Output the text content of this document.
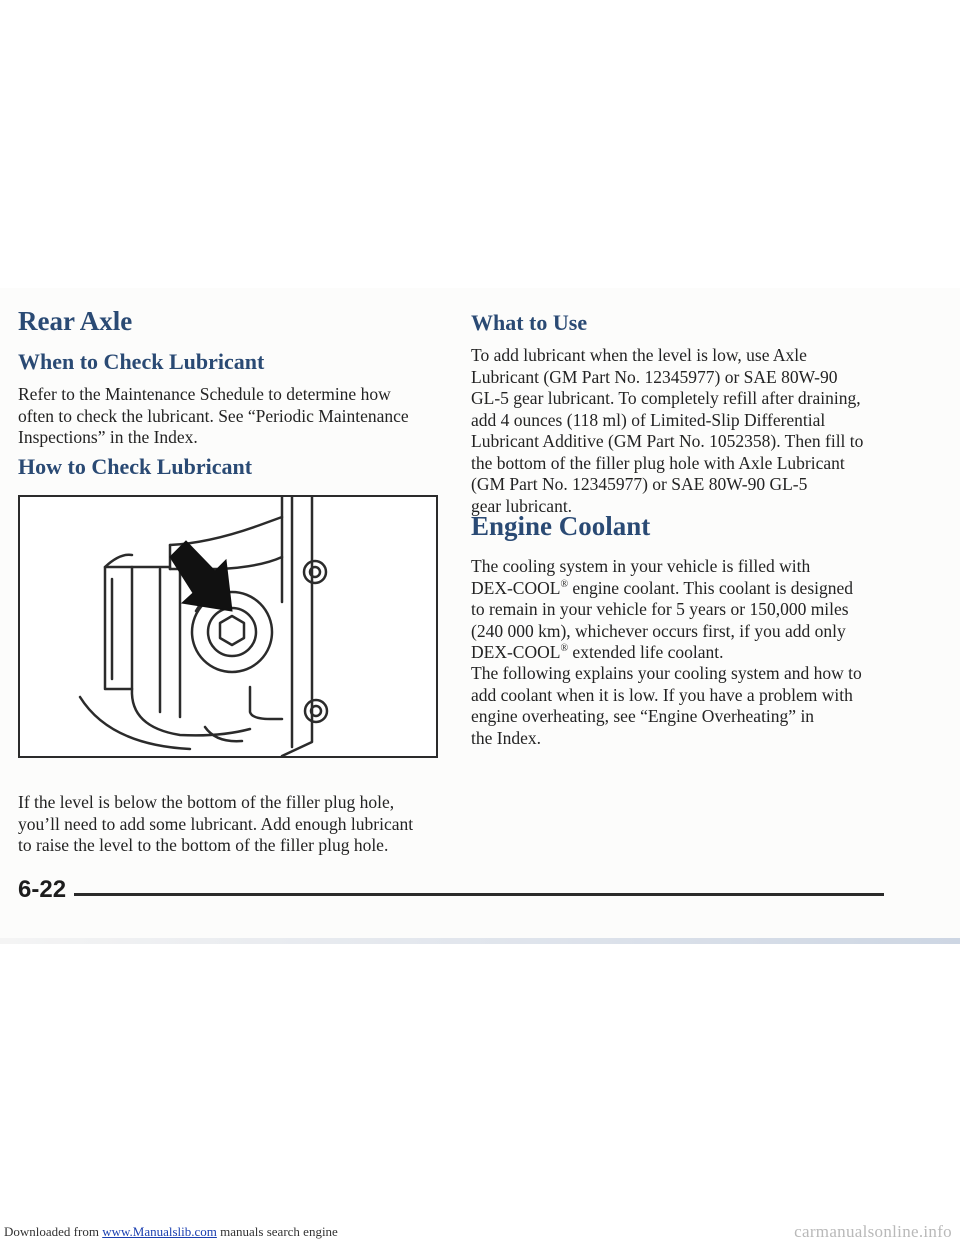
Rear Axle
When to Check Lubricant

Refer to the Maintenance Schedule to determine how
often to check the lubricant. See “Periodic Maintenance
Inspections” in the Index.

How to Check Lubricant

If the level is below the bottom of the filler plug hole,
you’ll need to add some lubricant. Add enough lubricant
to raise the level to the bottom of the filler plug hole.

What to Use

To add lubricant when the level is low, use Axle
Lubricant (GM Part No. 12345977) or SAE 80W-90
GL-5 gear lubricant. To completely refill after draining,
add 4 ounces (118 ml) of Limited-Slip Differential
Lubricant Additive (GM Part No. 1052358). Then fill to
the bottom of the filler plug hole with Axle Lubricant
(GM Part No. 12345977) or SAE 80W-90 GL-5
gear lubricant.

Engine Coolant

The cooling system in your vehicle is filled with
DEX-COOL® engine coolant. This coolant is designed
to remain in your vehicle for 5 years or 150,000 miles
(240 000 km), whichever occurs first, if you add only
DEX-COOL® extended life coolant.

The following explains your cooling system and how to
add coolant when it is low. If you have a problem with
engine overheating, see “Engine Overheating” in
the Index.

6-22

Downloaded from www.Manualslib.com manuals search engine	carmanualsonline.info
